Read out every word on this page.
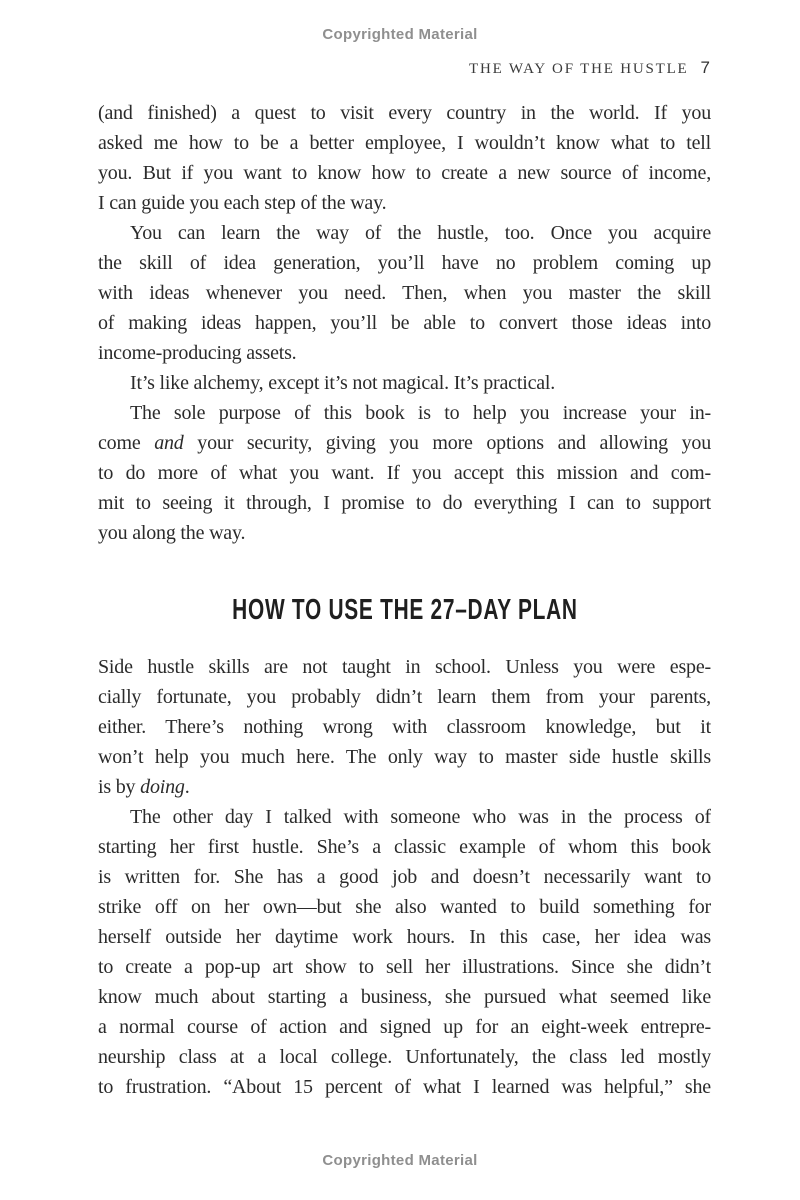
Copyrighted Material
THE WAY OF THE HUSTLE 7
(and finished) a quest to visit every country in the world. If you
asked me how to be a better employee, I wouldn’t know what to tell
you. But if you want to know how to create a new source of income,
I can guide you each step of the way.
You can learn the way of the hustle, too. Once you acquire
the skill of idea generation, you’ll have no problem coming up
with ideas whenever you need. Then, when you master the skill
of making ideas happen, you’ll be able to convert those ideas into
income-producing assets.
It’s like alchemy, except it’s not magical. It’s practical.
The sole purpose of this book is to help you increase your in-
come and your security, giving you more options and allowing you
to do more of what you want. If you accept this mission and com-
mit to seeing it through, I promise to do everything I can to support
you along the way.
HOW TO USE THE 27–DAY PLAN
Side hustle skills are not taught in school. Unless you were espe-
cially fortunate, you probably didn’t learn them from your parents,
either. There’s nothing wrong with classroom knowledge, but it
won’t help you much here. The only way to master side hustle skills
is by doing.
The other day I talked with someone who was in the process of
starting her first hustle. She’s a classic example of whom this book
is written for. She has a good job and doesn’t necessarily want to
strike off on her own—but she also wanted to build something for
herself outside her daytime work hours. In this case, her idea was
to create a pop-up art show to sell her illustrations. Since she didn’t
know much about starting a business, she pursued what seemed like
a normal course of action and signed up for an eight-week entrepre-
neurship class at a local college. Unfortunately, the class led mostly
to frustration. “About 15 percent of what I learned was helpful,” she
Copyrighted Material
